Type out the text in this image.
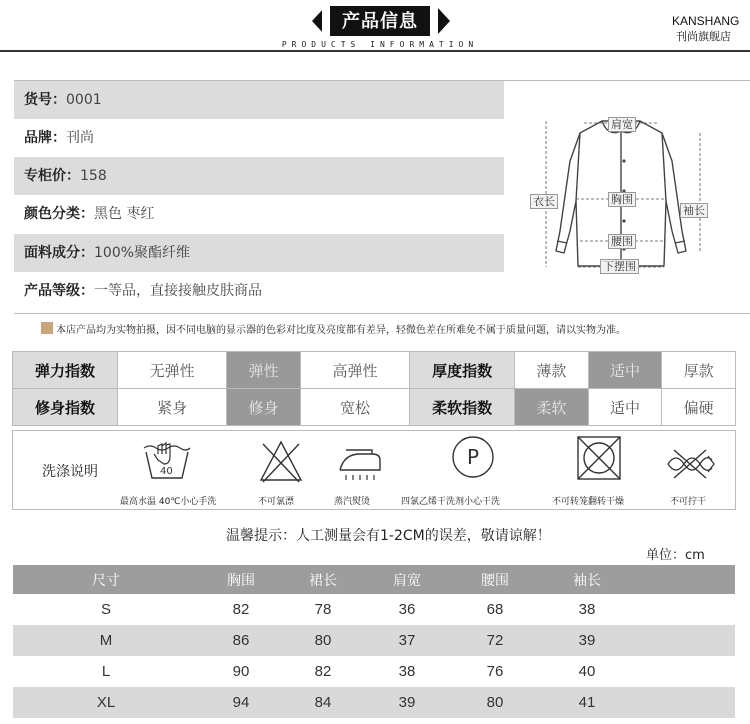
产品信息
PRODUCTS INFORMATION
KANSHANG
刊尚旗舰店
货号：0001
品牌：刊尚
专柜价：158
颜色分类：黑色 枣红
面料成分：100%聚酯纤维
产品等级：一等品，直接接触皮肤商品
肩宽
衣长	胸围
袖长
腰围
下摆围
本店产品均为实物拍摄，因不同电脑的显示器的色彩对比度及亮度都有差异，轻微色差在所难免不属于质量问题，请以实物为准。
弹力指数	无弹性	弹性	高弹性	厚度指数	薄款	适中	厚款
修身指数	紧身	修身	宽松	柔软指数	柔软	适中	偏硬
洗涤说明	40
最高水温 40℃小心手洗	不可氯漂	蒸汽熨烫
P
四氯乙烯干洗剂小心干洗	不可转笼翻转干燥	不可拧干
温馨提示：人工测量会有1-2CM的误差，敬请谅解！
单位：cm
尺寸	胸围	裙长	肩宽	腰围	袖长	
S	82	78	36	68	38	
M	86	80	37	72	39	
L	90	82	38	76	40	
XL	94	84	39	80	41	
